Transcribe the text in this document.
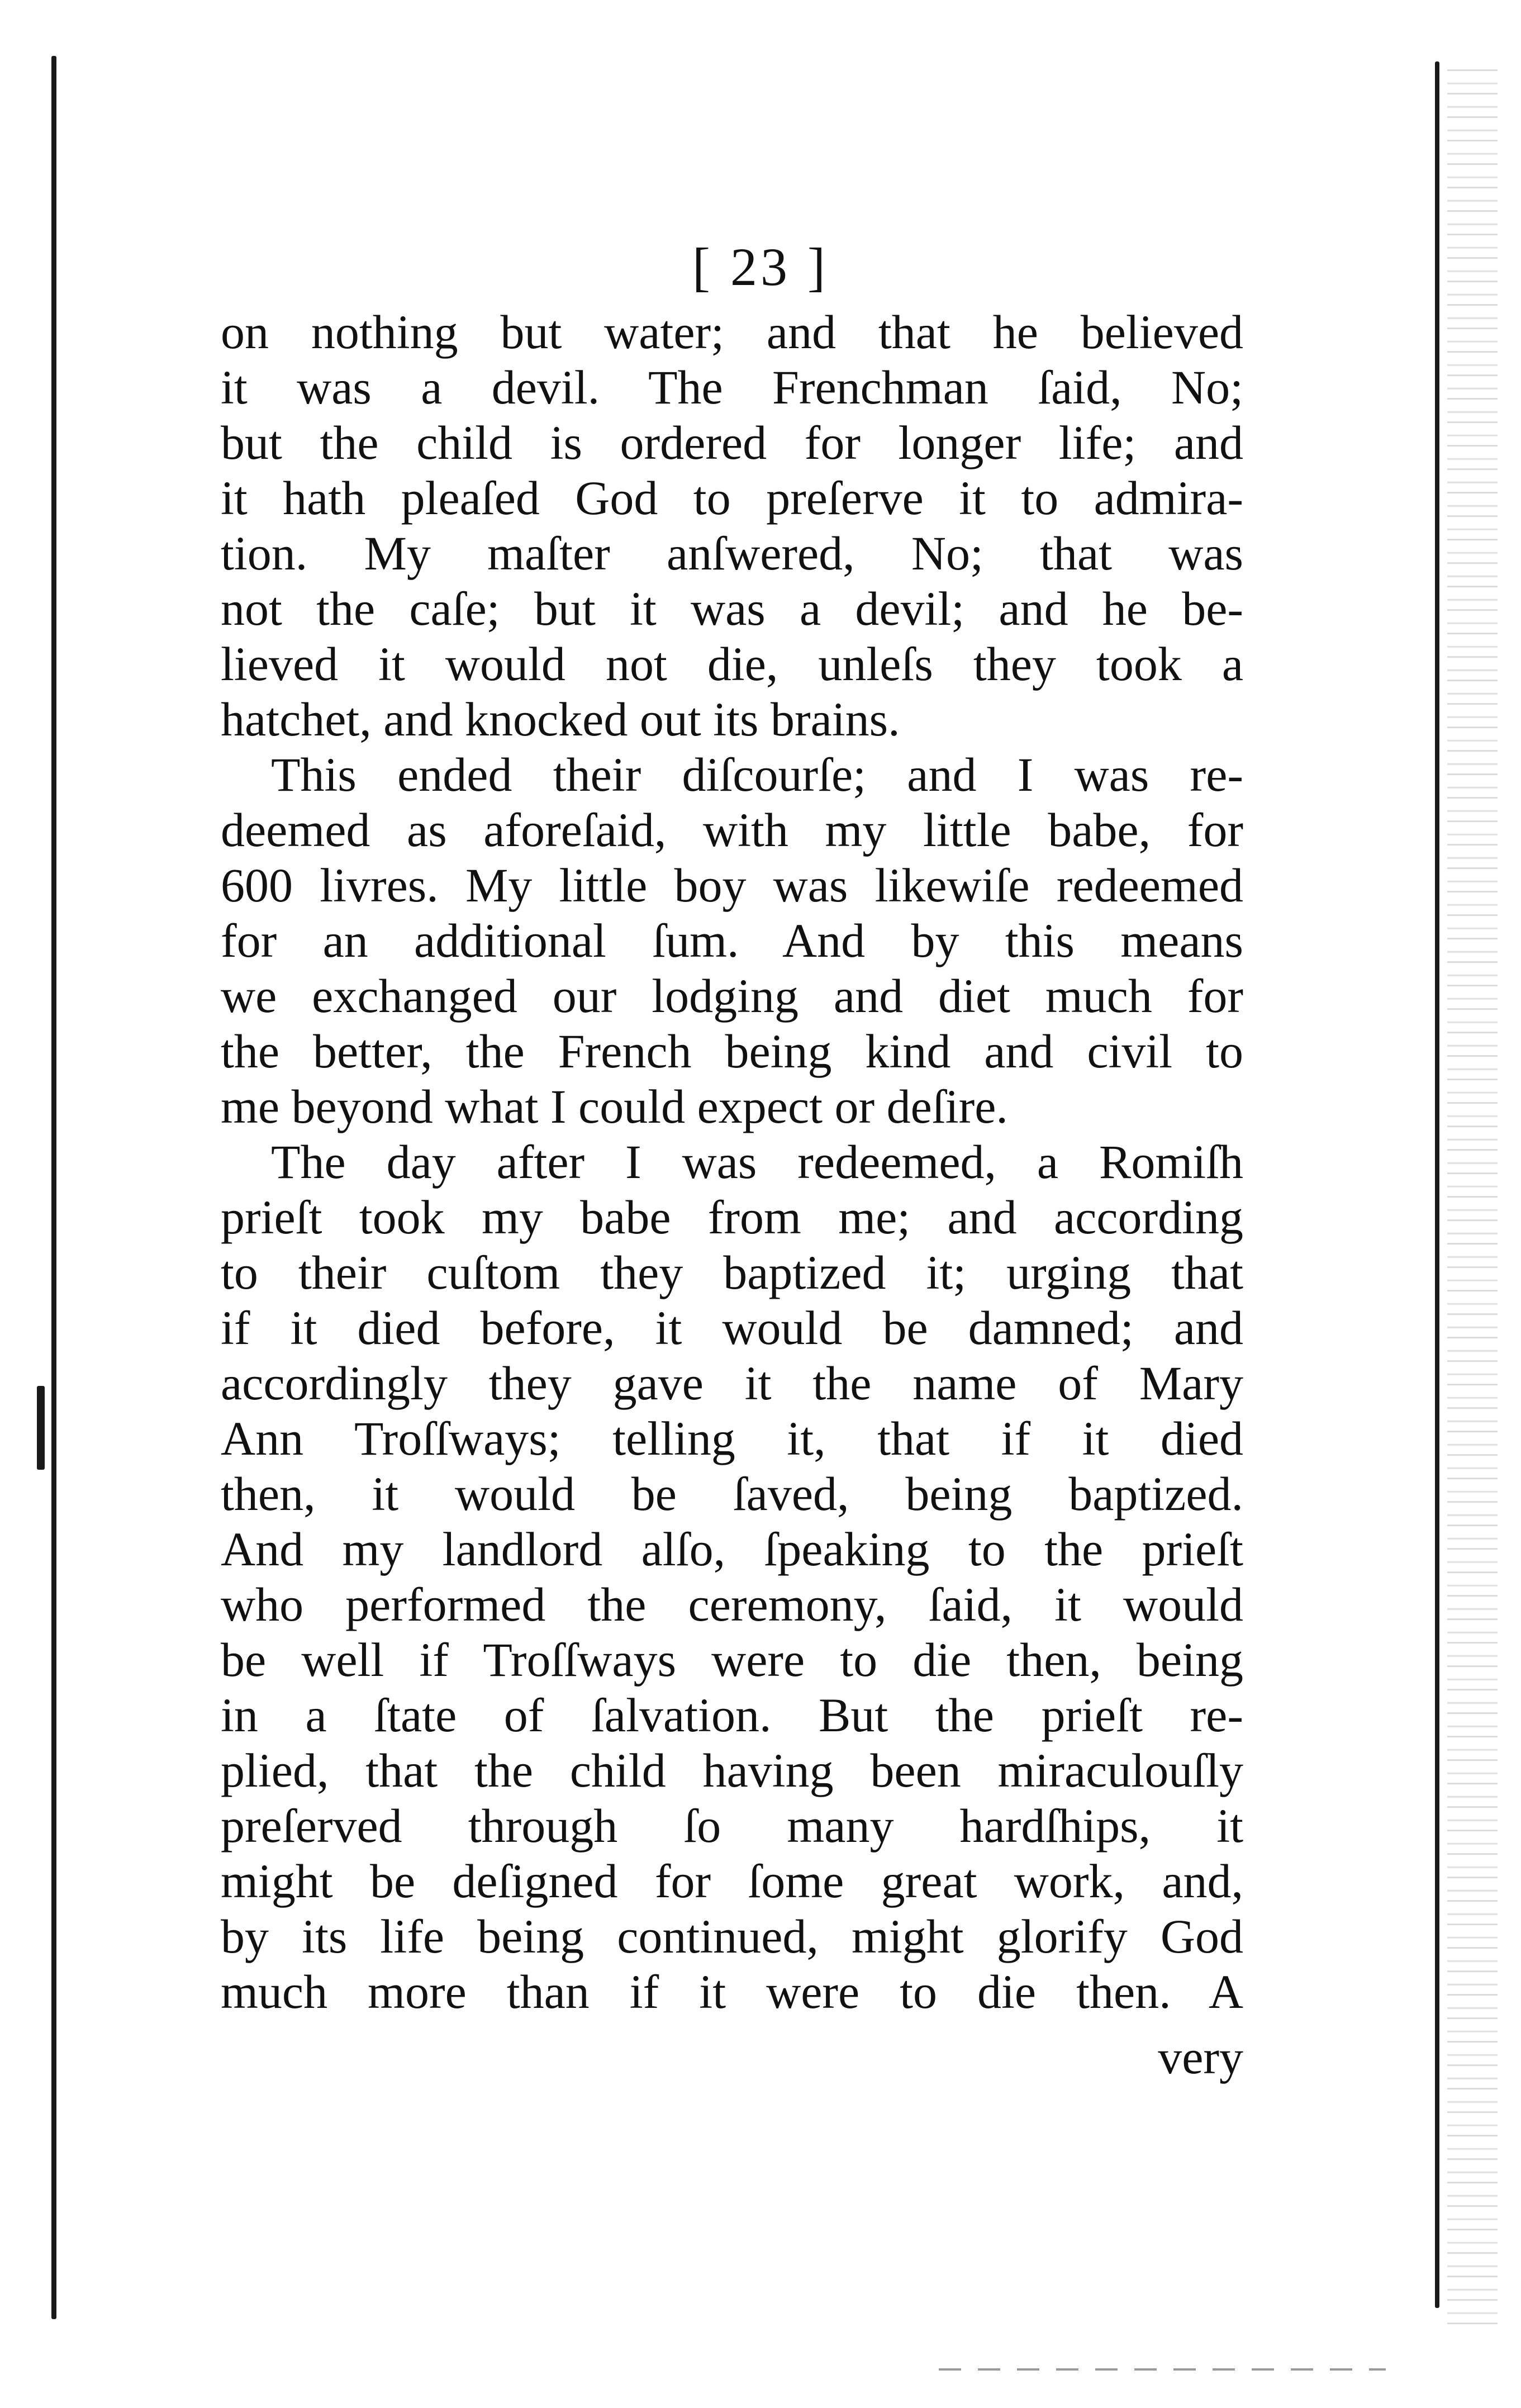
[ 23 ]
on nothing but water; and that he believed
it was a devil. The Frenchman ſaid, No;
but the child is ordered for longer life; and
it hath pleaſed God to preſerve it to admira-
tion. My maſter anſwered, No; that was
not the caſe; but it was a devil; and he be-
lieved it would not die, unleſs they took a
hatchet, and knocked out its brains.
This ended their diſcourſe; and I was re-
deemed as aforeſaid, with my little babe, for
600 livres. My little boy was likewiſe redeemed
for an additional ſum. And by this means
we exchanged our lodging and diet much for
the better, the French being kind and civil to
me beyond what I could expect or deſire.
The day after I was redeemed, a Romiſh
prieſt took my babe from me; and according
to their cuſtom they baptized it; urging that
if it died before, it would be damned; and
accordingly they gave it the name of Mary
Ann Troſſways; telling it, that if it died
then, it would be ſaved, being baptized.
And my landlord alſo, ſpeaking to the prieſt
who performed the ceremony, ſaid, it would
be well if Troſſways were to die then, being
in a ſtate of ſalvation. But the prieſt re-
plied, that the child having been miraculouſly
preſerved through ſo many hardſhips, it
might be deſigned for ſome great work, and,
by its life being continued, might glorify God
much more than if it were to die then. A
very
